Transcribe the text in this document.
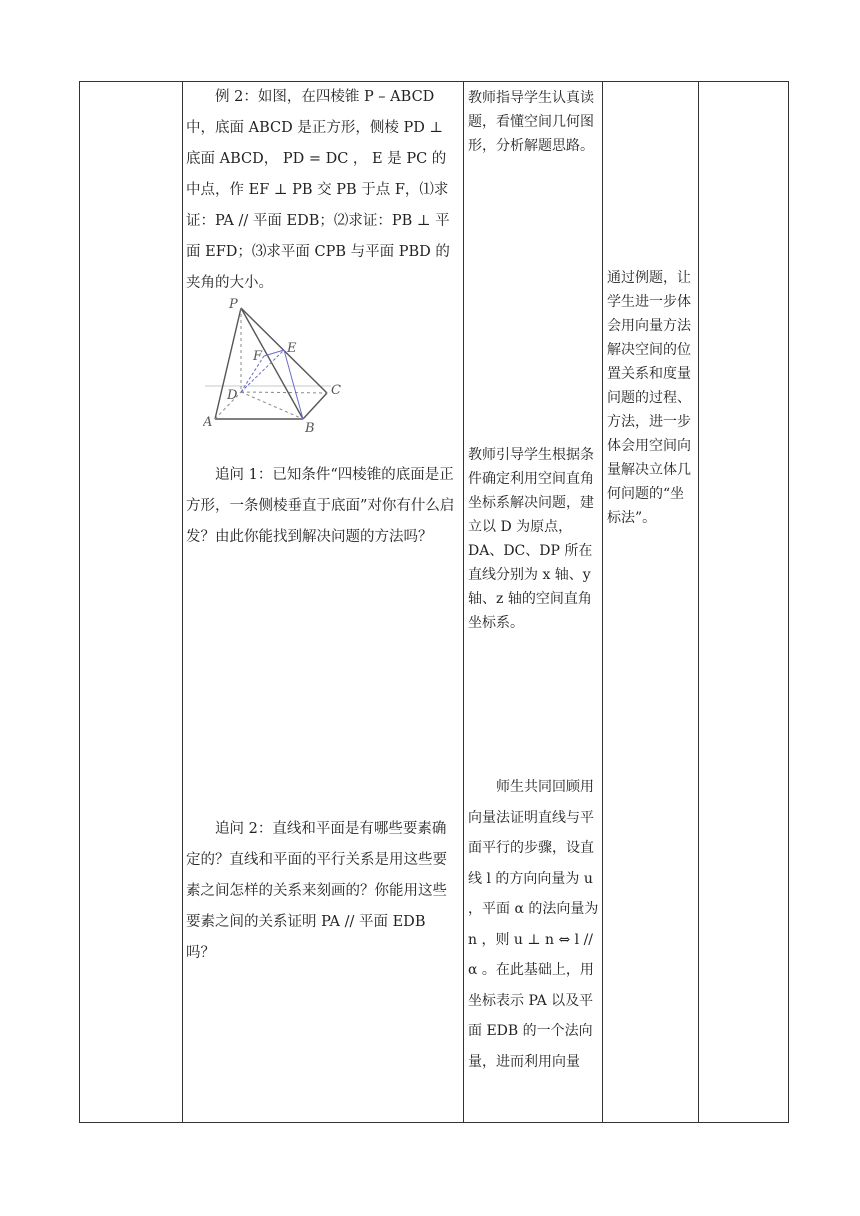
例 2：如图，在四棱锥 P – ABCD 中，底面 ABCD 是正方形，侧棱 PD ⊥ 底面 ABCD， PD = DC ， E 是 PC 的中点，作 EF ⊥ PB 交 PB 于点 F，⑴求证：PA // 平面 EDB；⑵求证：PB ⊥ 平面 EFD；⑶求平面 CPB 与平面 PBD 的夹角的大小。

P
A	B
C
D
E
F

追问 1：已知条件“四棱锥的底面是正方形，一条侧棱垂直于底面”对你有什么启发？由此你能找到解决问题的方法吗？

追问 2：直线和平面是有哪些要素确定的？直线和平面的平行关系是用这些要素之间怎样的关系来刻画的？你能用这些要素之间的关系证明 PA // 平面 EDB 吗？

教师指导学生认真读题，看懂空间几何图形，分析解题思路。

教师引导学生根据条件确定利用空间直角坐标系解决问题，建立以 D 为原点，DA、DC、DP 所在直线分别为 x 轴、y 轴、z 轴的空间直角坐标系。

师生共同回顾用向量法证明直线与平面平行的步骤，设直线 l 的方向向量为 u ，平面 α 的法向量为 n ，则 u ⊥ n ⇔ l // α 。在此基础上，用坐标表示 PA 以及平面 EDB 的一个法向量，进而利用向量

通过例题，让学生进一步体会用向量方法解决空间的位置关系和度量问题的过程、方法，进一步体会用空间向量解决立体几何问题的“坐标法”。
